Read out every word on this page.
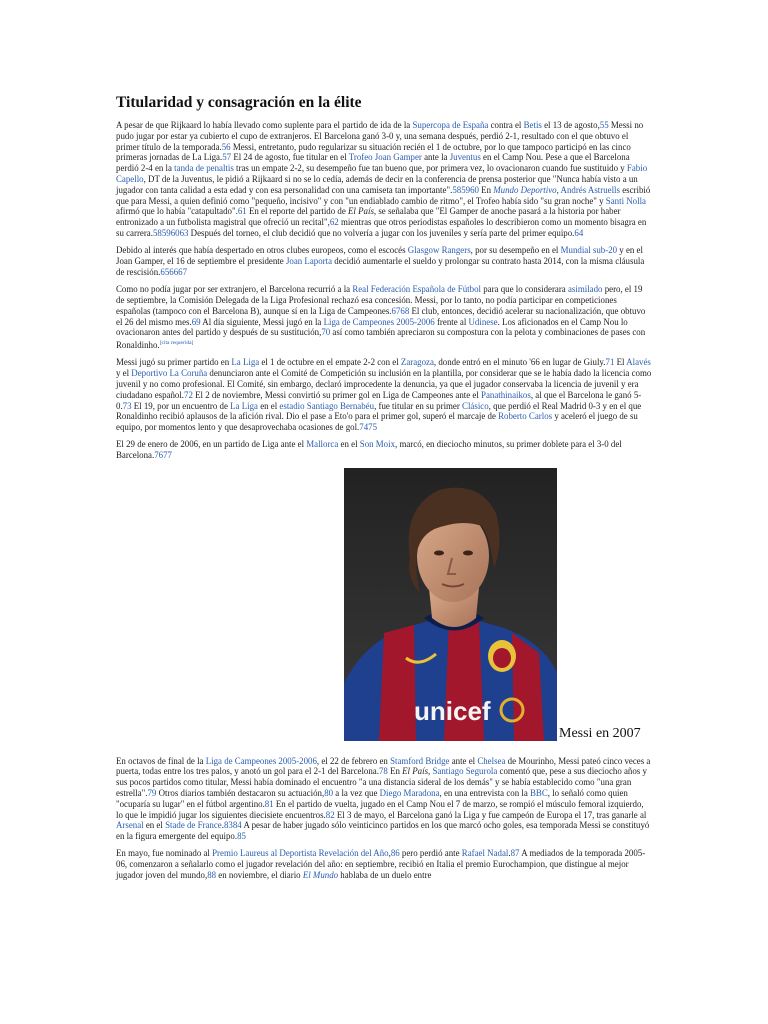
Titularidad y consagración en la élite

A pesar de que Rijkaard lo había llevado como suplente para el partido de ida de la Supercopa de España contra el Betis el 13 de agosto,55 Messi no pudo jugar por estar ya cubierto el cupo de extranjeros. El Barcelona ganó 3-0 y, una semana después, perdió 2-1, resultado con el que obtuvo el primer título de la temporada.56 Messi, entretanto, pudo regularizar su situación recién el 1 de octubre, por lo que tampoco participó en las cinco primeras jornadas de La Liga.57 El 24 de agosto, fue titular en el Trofeo Joan Gamper ante la Juventus en el Camp Nou. Pese a que el Barcelona perdió 2-4 en la tanda de penaltis tras un empate 2-2, su desempeño fue tan bueno que, por primera vez, lo ovacionaron cuando fue sustituido y Fabio Capello, DT de la Juventus, le pidió a Rijkaard si no se lo cedía, además de decir en la conferencia de prensa posterior que "Nunca había visto a un jugador con tanta calidad a esta edad y con esa personalidad con una camiseta tan importante".585960 En Mundo Deportivo, Andrés Astruells escribió que para Messi, a quien definió como "pequeño, incisivo" y con "un endiablado cambio de ritmo", el Trofeo había sido "su gran noche" y Santi Nolla afirmó que lo había "catapultado".61 En el reporte del partido de El País, se señalaba que "El Gamper de anoche pasará a la historia por haber entronizado a un futbolista magistral que ofreció un recital",62 mientras que otros periodistas españoles lo describieron como un momento bisagra en su carrera.58596063 Después del torneo, el club decidió que no volvería a jugar con los juveniles y sería parte del primer equipo.64

Debido al interés que había despertado en otros clubes europeos, como el escocés Glasgow Rangers, por su desempeño en el Mundial sub-20 y en el Joan Gamper, el 16 de septiembre el presidente Joan Laporta decidió aumentarle el sueldo y prolongar su contrato hasta 2014, con la misma cláusula de rescisión.656667

Como no podía jugar por ser extranjero, el Barcelona recurrió a la Real Federación Española de Fútbol para que lo considerara asimilado pero, el 19 de septiembre, la Comisión Delegada de la Liga Profesional rechazó esa concesión. Messi, por lo tanto, no podía participar en competiciones españolas (tampoco con el Barcelona B), aunque sí en la Liga de Campeones.6768 El club, entonces, decidió acelerar su nacionalización, que obtuvo el 26 del mismo mes.69 Al día siguiente, Messi jugó en la Liga de Campeones 2005-2006 frente al Udinese. Los aficionados en el Camp Nou lo ovacionaron antes del partido y después de su sustitución,70 así como también apreciaron su compostura con la pelota y combinaciones de pases con Ronaldinho.[cita requerida]

Messi jugó su primer partido en La Liga el 1 de octubre en el empate 2-2 con el Zaragoza, donde entró en el minuto '66 en lugar de Giuly.71 El Alavés y el Deportivo La Coruña denunciaron ante el Comité de Competición su inclusión en la plantilla, por considerar que se le había dado la licencia como juvenil y no como profesional. El Comité, sin embargo, declaró improcedente la denuncia, ya que el jugador conservaba la licencia de juvenil y era ciudadano español.72 El 2 de noviembre, Messi convirtió su primer gol en Liga de Campeones ante el Panathinaikos, al que el Barcelona le ganó 5-0.73 El 19, por un encuentro de La Liga en el estadio Santiago Bernabéu, fue titular en su primer Clásico, que perdió el Real Madrid 0-3 y en el que Ronaldinho recibió aplausos de la afición rival. Dio el pase a Eto'o para el primer gol, superó el marcaje de Roberto Carlos y aceleró el juego de su equipo, por momentos lento y que desaprovechaba ocasiones de gol.7475

El 29 de enero de 2006, en un partido de Liga ante el Mallorca en el Son Moix, marcó, en dieciocho minutos, su primer doblete para el 3-0 del Barcelona.7677

unicef
Messi en 2007

En octavos de final de la Liga de Campeones 2005-2006, el 22 de febrero en Stamford Bridge ante el Chelsea de Mourinho, Messi pateó cinco veces a puerta, todas entre los tres palos, y anotó un gol para el 2-1 del Barcelona.78 En El País, Santiago Segurola comentó que, pese a sus dieciocho años y sus pocos partidos como titular, Messi había dominado el encuentro "a una distancia sideral de los demás" y se había establecido como "una gran estrella".79 Otros diarios también destacaron su actuación,80 a la vez que Diego Maradona, en una entrevista con la BBC, lo señaló como quien "ocuparía su lugar" en el fútbol argentino.81 En el partido de vuelta, jugado en el Camp Nou el 7 de marzo, se rompió el músculo femoral izquierdo, lo que le impidió jugar los siguientes diecisiete encuentros.82 El 3 de mayo, el Barcelona ganó la Liga y fue campeón de Europa el 17, tras ganarle al Arsenal en el Stade de France.8384 A pesar de haber jugado sólo veinticinco partidos en los que marcó ocho goles, esa temporada Messi se constituyó en la figura emergente del equipo.85

En mayo, fue nominado al Premio Laureus al Deportista Revelación del Año,86 pero perdió ante Rafael Nadal.87 A mediados de la temporada 2005-06, comenzaron a señalarlo como el jugador revelación del año: en septiembre, recibió en Italia el premio Eurochampion, que distingue al mejor jugador joven del mundo,88 en noviembre, el diario El Mundo hablaba de un duelo entre
